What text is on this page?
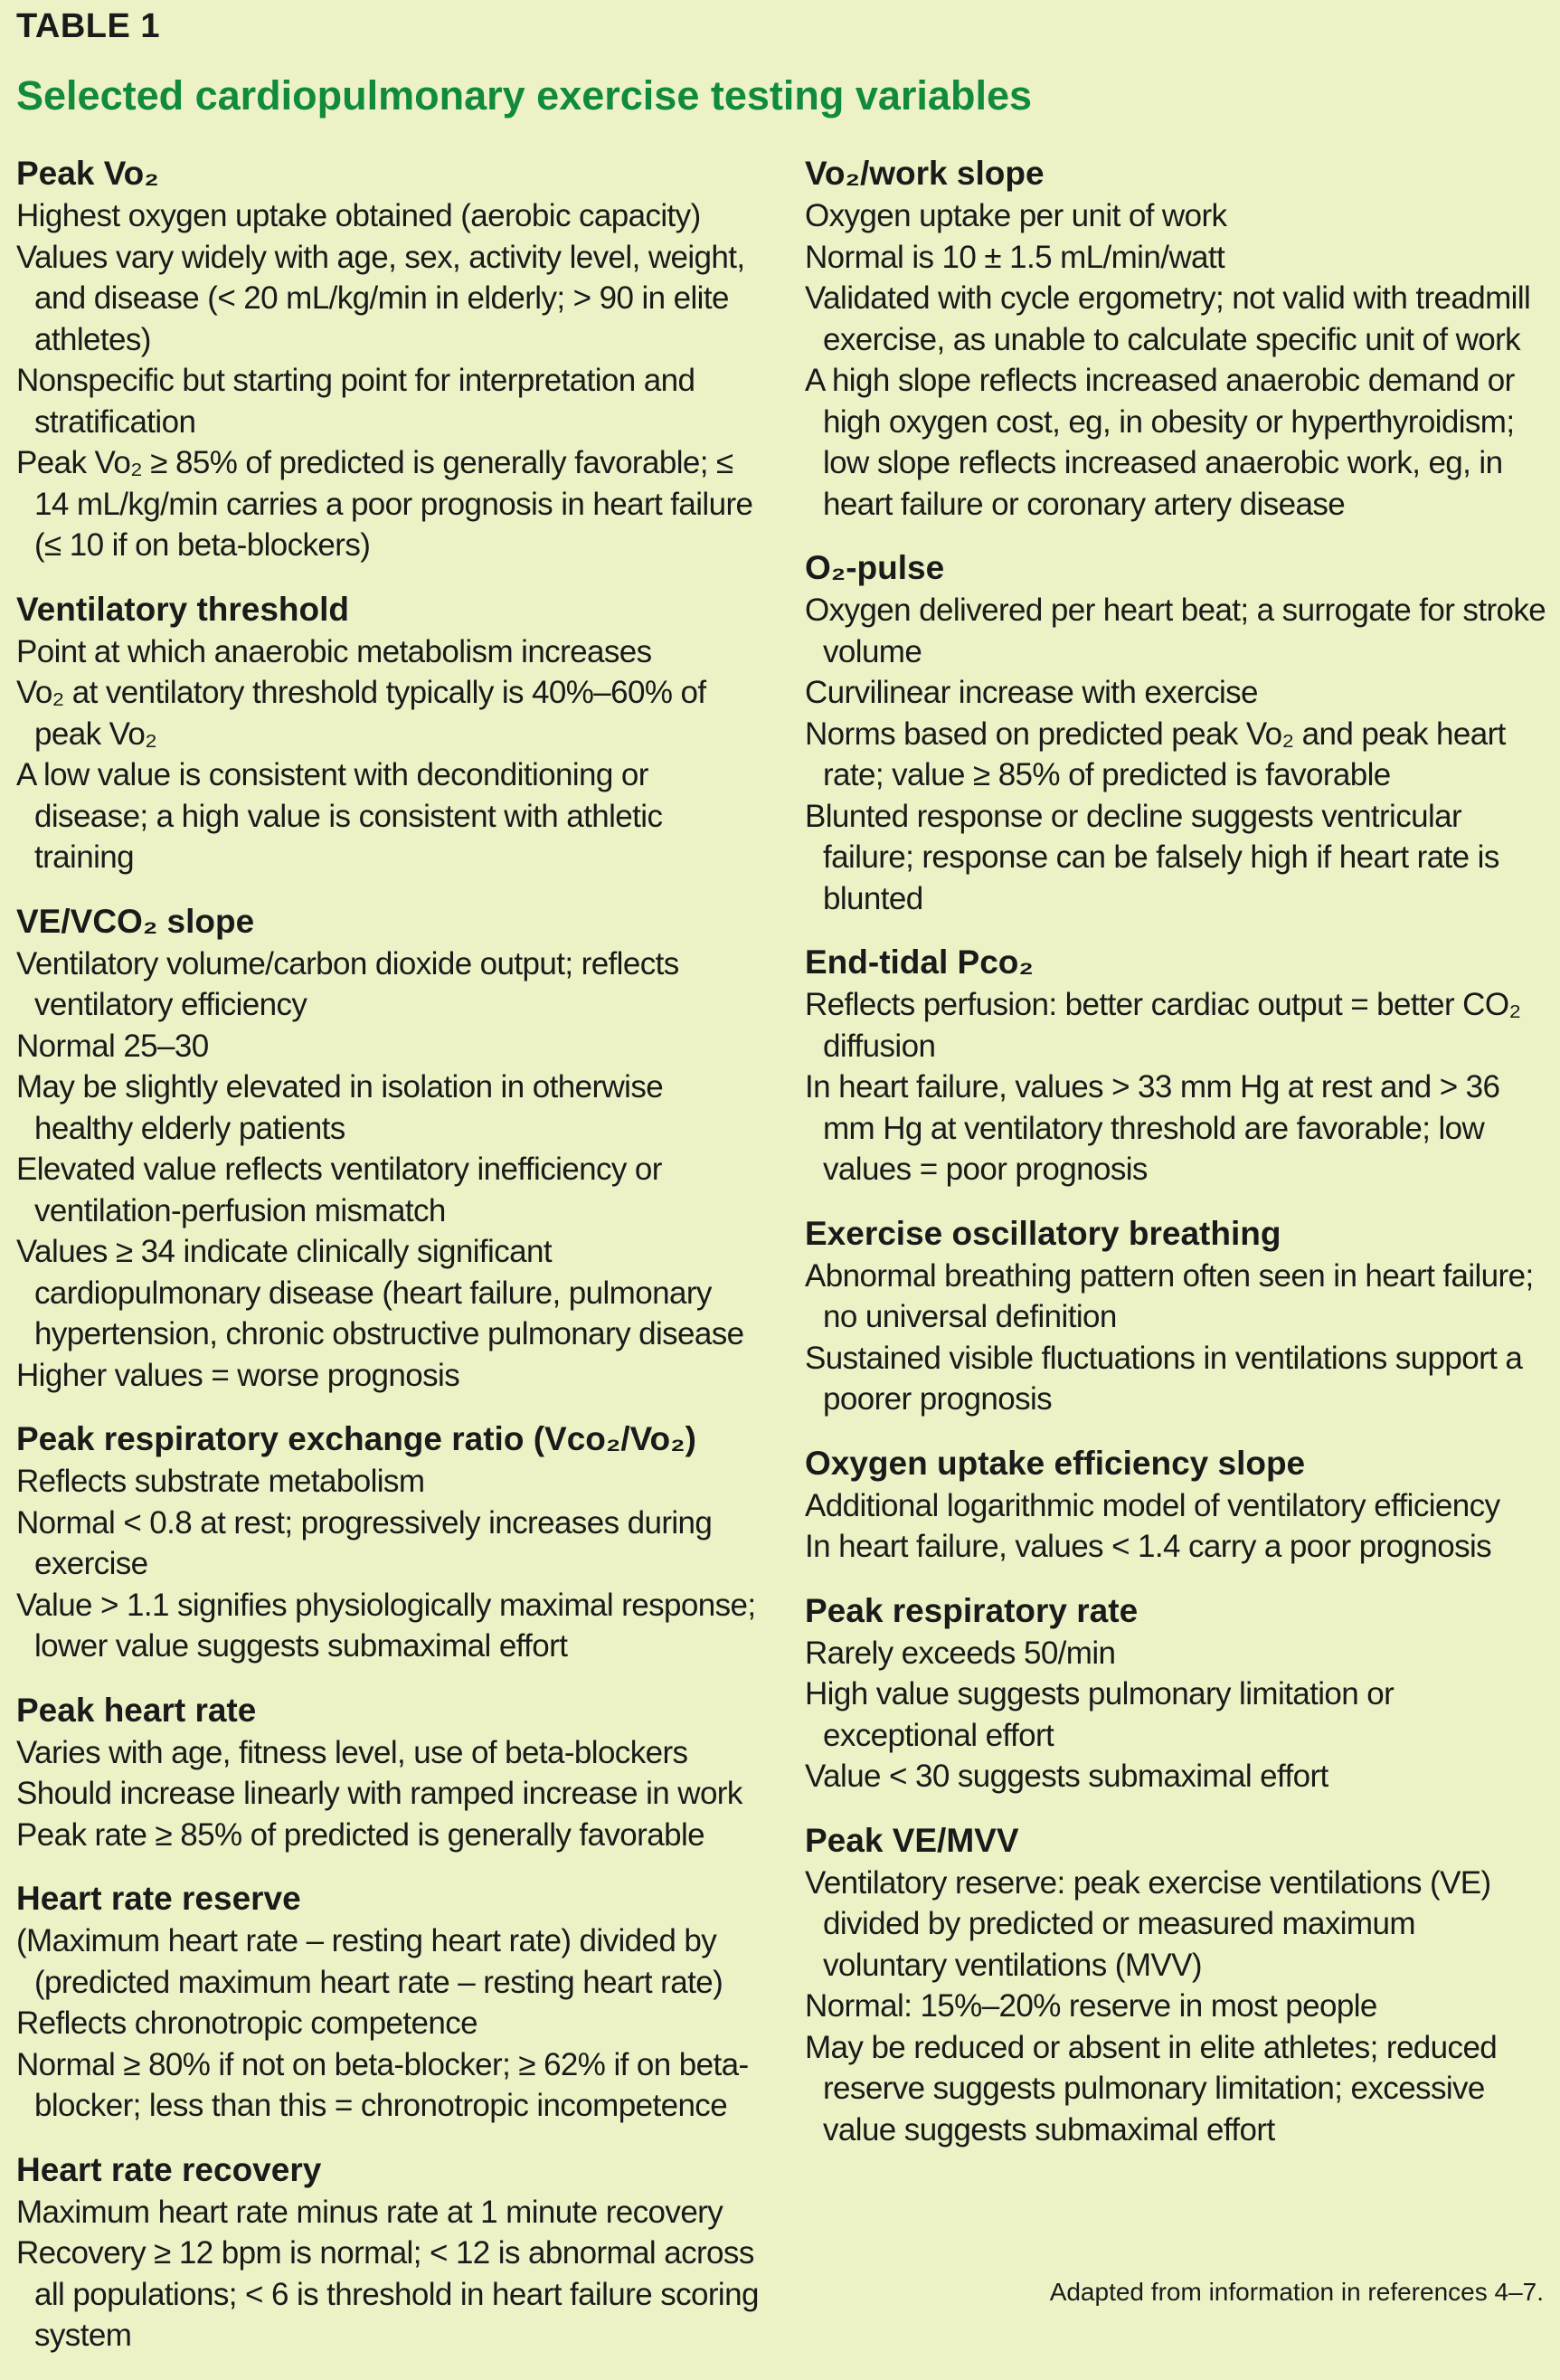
TABLE 1
Selected cardiopulmonary exercise testing variables
Peak Vo₂
Highest oxygen uptake obtained (aerobic capacity)
Values vary widely with age, sex, activity level, weight, and disease (< 20 mL/kg/min in elderly; > 90 in elite athletes)
Nonspecific but starting point for interpretation and stratification
Peak Vo₂ ≥ 85% of predicted is generally favorable; ≤ 14 mL/kg/min carries a poor prognosis in heart failure (≤ 10 if on beta-blockers)
Ventilatory threshold
Point at which anaerobic metabolism increases
Vo₂ at ventilatory threshold typically is 40%–60% of peak Vo₂
A low value is consistent with deconditioning or disease; a high value is consistent with athletic training
VE/VCO₂ slope
Ventilatory volume/carbon dioxide output; reflects ventilatory efficiency
Normal 25–30
May be slightly elevated in isolation in otherwise healthy elderly patients
Elevated value reflects ventilatory inefficiency or ventilation-perfusion mismatch
Values ≥ 34 indicate clinically significant cardiopulmonary disease (heart failure, pulmonary hypertension, chronic obstructive pulmonary disease
Higher values = worse prognosis
Peak respiratory exchange ratio (Vco₂/Vo₂)
Reflects substrate metabolism
Normal < 0.8 at rest; progressively increases during exercise
Value > 1.1 signifies physiologically maximal response; lower value suggests submaximal effort
Peak heart rate
Varies with age, fitness level, use of beta-blockers
Should increase linearly with ramped increase in work
Peak rate ≥ 85% of predicted is generally favorable
Heart rate reserve
(Maximum heart rate – resting heart rate) divided by (predicted maximum heart rate – resting heart rate)
Reflects chronotropic competence
Normal ≥ 80% if not on beta-blocker; ≥ 62% if on beta-blocker; less than this = chronotropic incompetence
Heart rate recovery
Maximum heart rate minus rate at 1 minute recovery
Recovery ≥ 12 bpm is normal; < 12 is abnormal across all populations; < 6 is threshold in heart failure scoring system
Vo₂/work slope
Oxygen uptake per unit of work
Normal is 10 ± 1.5 mL/min/watt
Validated with cycle ergometry; not valid with treadmill exercise, as unable to calculate specific unit of work
A high slope reflects increased anaerobic demand or high oxygen cost, eg, in obesity or hyperthyroidism; low slope reflects increased anaerobic work, eg, in heart failure or coronary artery disease
O₂-pulse
Oxygen delivered per heart beat; a surrogate for stroke volume
Curvilinear increase with exercise
Norms based on predicted peak Vo₂ and peak heart rate; value ≥ 85% of predicted is favorable
Blunted response or decline suggests ventricular failure; response can be falsely high if heart rate is blunted
End-tidal Pco₂
Reflects perfusion: better cardiac output = better CO₂ diffusion
In heart failure, values > 33 mm Hg at rest and > 36 mm Hg at ventilatory threshold are favorable; low values = poor prognosis
Exercise oscillatory breathing
Abnormal breathing pattern often seen in heart failure; no universal definition
Sustained visible fluctuations in ventilations support a poorer prognosis
Oxygen uptake efficiency slope
Additional logarithmic model of ventilatory efficiency
In heart failure, values < 1.4 carry a poor prognosis
Peak respiratory rate
Rarely exceeds 50/min
High value suggests pulmonary limitation or exceptional effort
Value < 30 suggests submaximal effort
Peak VE/MVV
Ventilatory reserve: peak exercise ventilations (VE) divided by predicted or measured maximum voluntary ventilations (MVV)
Normal: 15%–20% reserve in most people
May be reduced or absent in elite athletes; reduced reserve suggests pulmonary limitation; excessive value suggests submaximal effort
Adapted from information in references 4–7.
